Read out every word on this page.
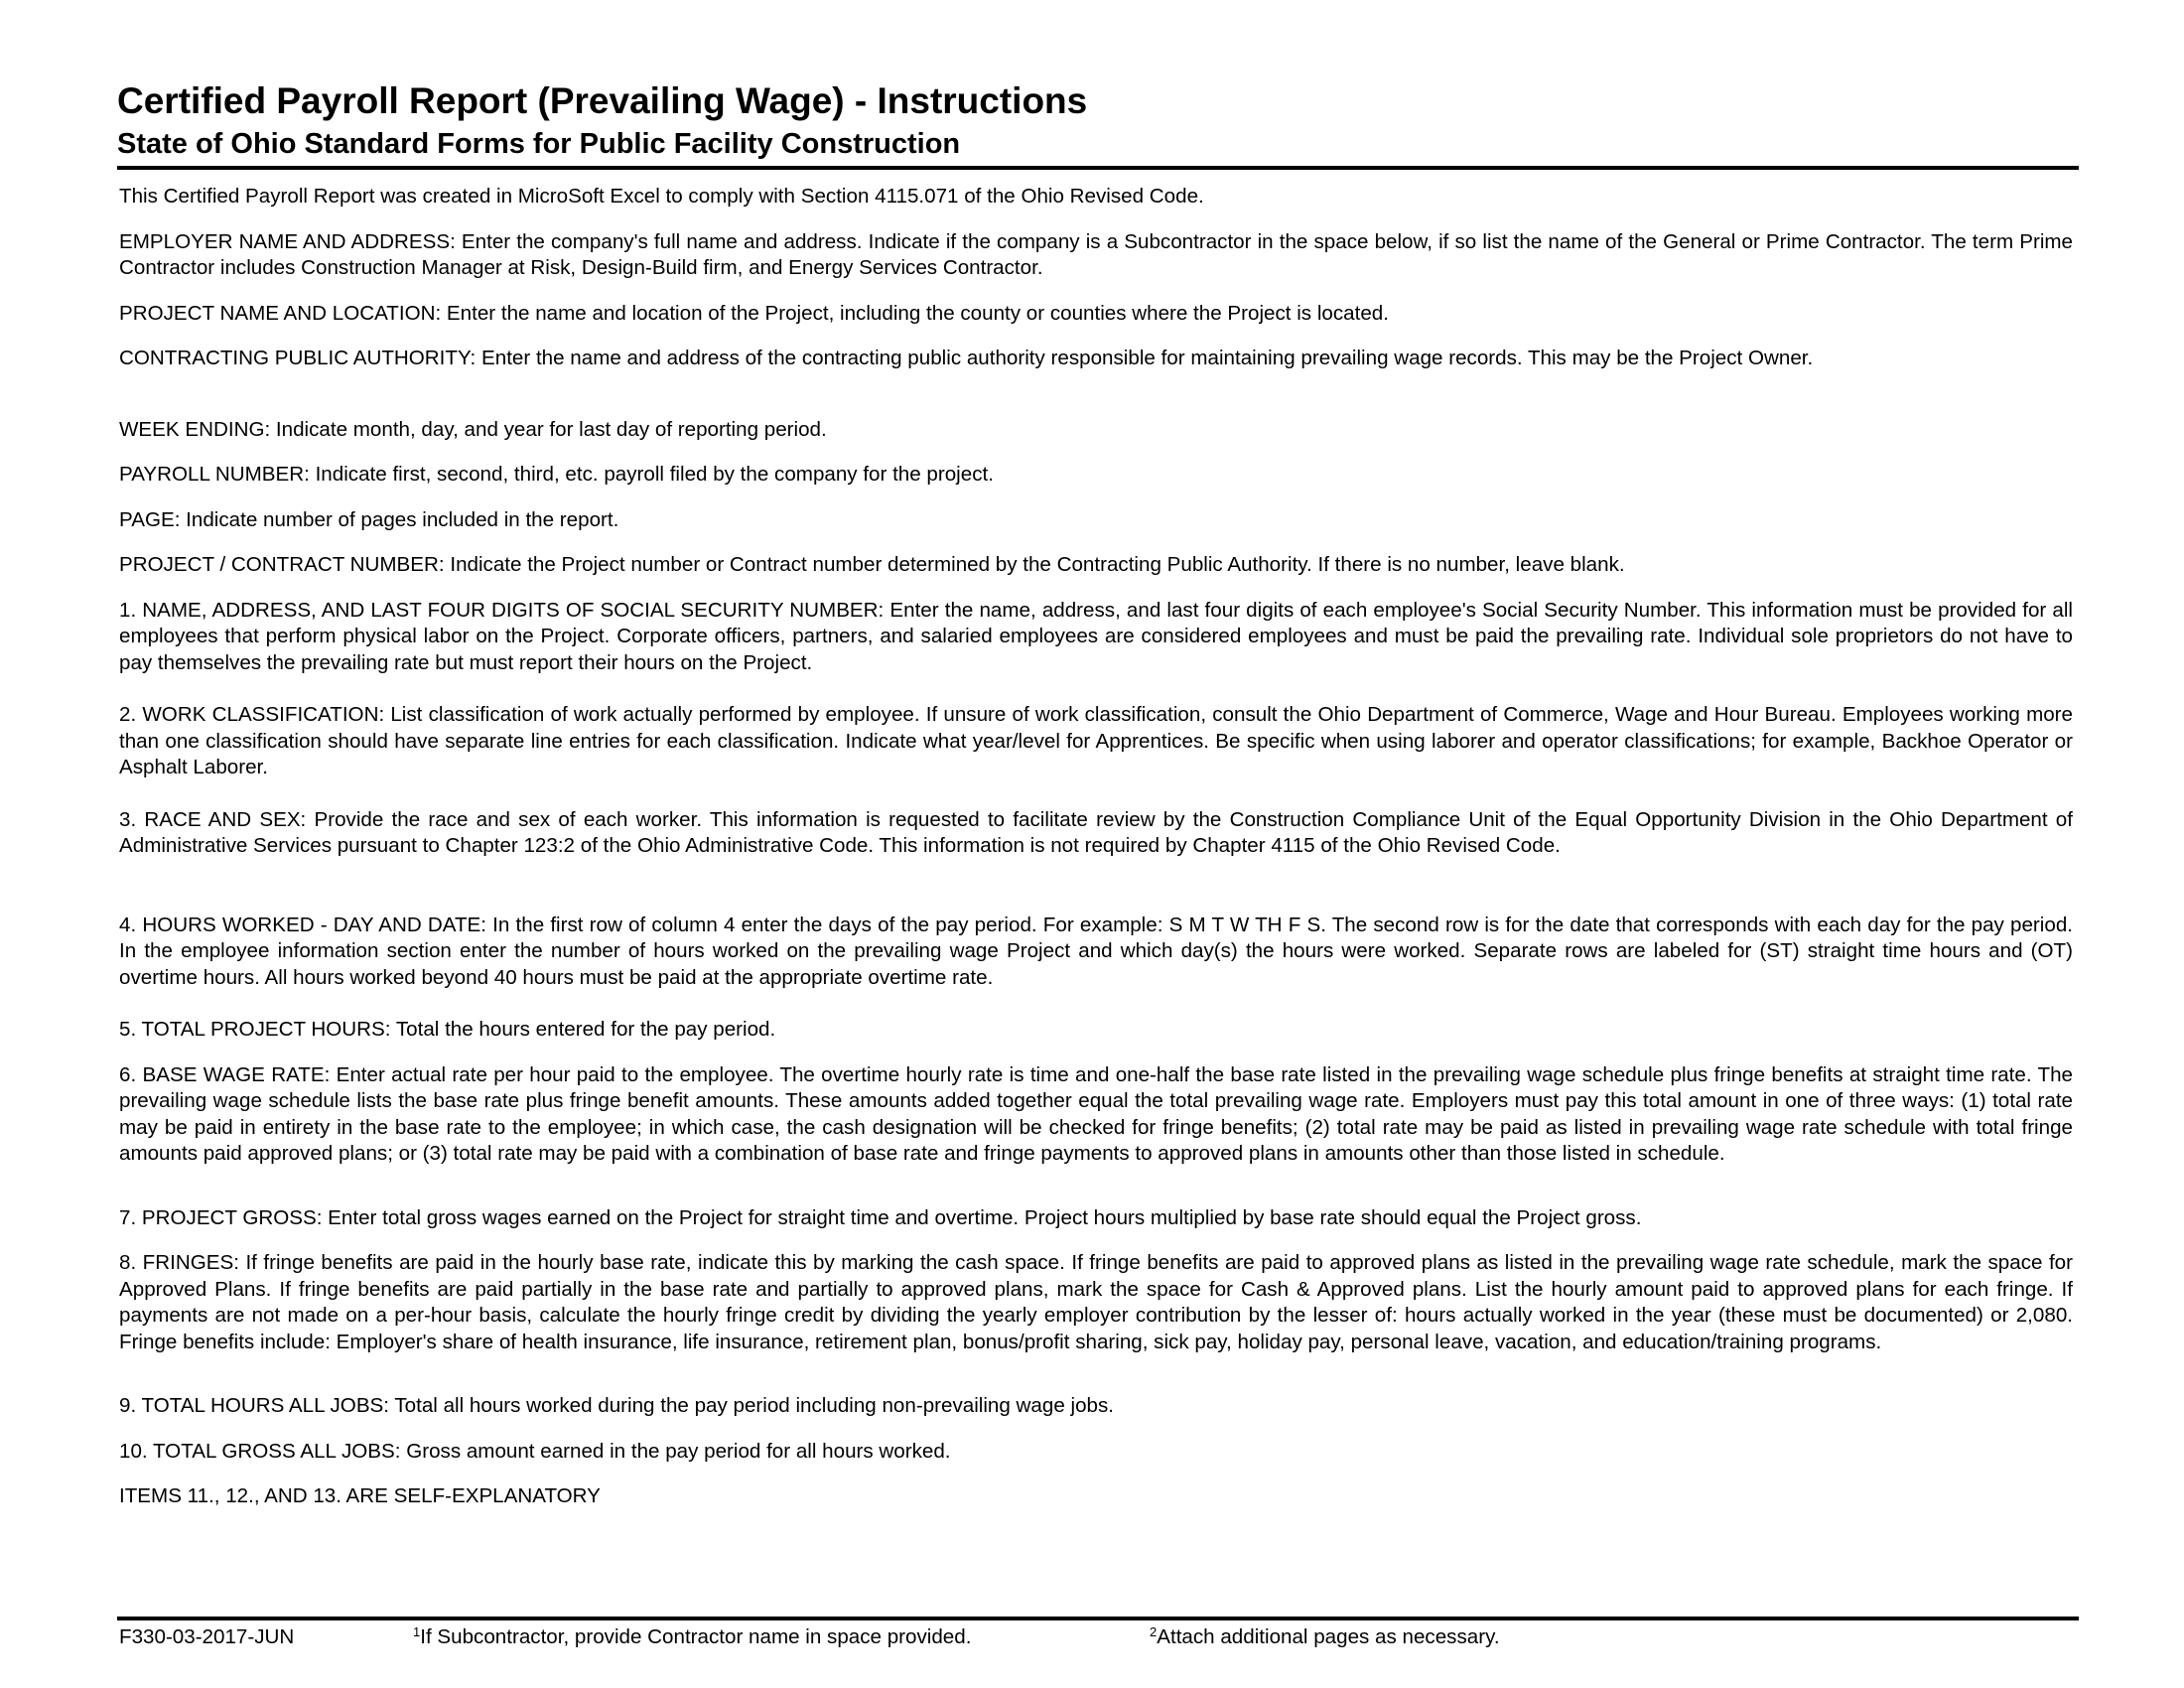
Certified Payroll Report (Prevailing Wage) - Instructions
State of Ohio Standard Forms for Public Facility Construction

This Certified Payroll Report was created in MicroSoft Excel to comply with Section 4115.071 of the Ohio Revised Code.

EMPLOYER NAME AND ADDRESS: Enter the company's full name and address. Indicate if the company is a Subcontractor in the space below, if so list the name of the General or Prime Contractor. The term Prime Contractor includes Construction Manager at Risk, Design-Build firm, and Energy Services Contractor.

PROJECT NAME AND LOCATION: Enter the name and location of the Project, including the county or counties where the Project is located.

CONTRACTING PUBLIC AUTHORITY: Enter the name and address of the contracting public authority responsible for maintaining prevailing wage records. This may be the Project Owner.

WEEK ENDING: Indicate month, day, and year for last day of reporting period.

PAYROLL NUMBER: Indicate first, second, third, etc. payroll filed by the company for the project.

PAGE: Indicate number of pages included in the report.

PROJECT / CONTRACT NUMBER: Indicate the Project number or Contract number determined by the Contracting Public Authority. If there is no number, leave blank.

1. NAME, ADDRESS, AND LAST FOUR DIGITS OF SOCIAL SECURITY NUMBER: Enter the name, address, and last four digits of each employee's Social Security Number. This information must be provided for all employees that perform physical labor on the Project. Corporate officers, partners, and salaried employees are considered employees and must be paid the prevailing rate. Individual sole proprietors do not have to pay themselves the prevailing rate but must report their hours on the Project.

2. WORK CLASSIFICATION: List classification of work actually performed by employee. If unsure of work classification, consult the Ohio Department of Commerce, Wage and Hour Bureau. Employees working more than one classification should have separate line entries for each classification. Indicate what year/level for Apprentices. Be specific when using laborer and operator classifications; for example, Backhoe Operator or Asphalt Laborer.

3. RACE AND SEX: Provide the race and sex of each worker. This information is requested to facilitate review by the Construction Compliance Unit of the Equal Opportunity Division in the Ohio Department of Administrative Services pursuant to Chapter 123:2 of the Ohio Administrative Code. This information is not required by Chapter 4115 of the Ohio Revised Code.

4. HOURS WORKED - DAY AND DATE: In the first row of column 4 enter the days of the pay period. For example: S M T W TH F S. The second row is for the date that corresponds with each day for the pay period. In the employee information section enter the number of hours worked on the prevailing wage Project and which day(s) the hours were worked. Separate rows are labeled for (ST) straight time hours and (OT) overtime hours. All hours worked beyond 40 hours must be paid at the appropriate overtime rate.

5. TOTAL PROJECT HOURS: Total the hours entered for the pay period.

6. BASE WAGE RATE: Enter actual rate per hour paid to the employee. The overtime hourly rate is time and one-half the base rate listed in the prevailing wage schedule plus fringe benefits at straight time rate. The prevailing wage schedule lists the base rate plus fringe benefit amounts. These amounts added together equal the total prevailing wage rate. Employers must pay this total amount in one of three ways: (1) total rate may be paid in entirety in the base rate to the employee; in which case, the cash designation will be checked for fringe benefits; (2) total rate may be paid as listed in prevailing wage rate schedule with total fringe amounts paid approved plans; or (3) total rate may be paid with a combination of base rate and fringe payments to approved plans in amounts other than those listed in schedule.

7. PROJECT GROSS: Enter total gross wages earned on the Project for straight time and overtime. Project hours multiplied by base rate should equal the Project gross.

8. FRINGES: If fringe benefits are paid in the hourly base rate, indicate this by marking the cash space. If fringe benefits are paid to approved plans as listed in the prevailing wage rate schedule, mark the space for Approved Plans. If fringe benefits are paid partially in the base rate and partially to approved plans, mark the space for Cash & Approved plans. List the hourly amount paid to approved plans for each fringe. If payments are not made on a per-hour basis, calculate the hourly fringe credit by dividing the yearly employer contribution by the lesser of: hours actually worked in the year (these must be documented) or 2,080. Fringe benefits include: Employer's share of health insurance, life insurance, retirement plan, bonus/profit sharing, sick pay, holiday pay, personal leave, vacation, and education/training programs.

9. TOTAL HOURS ALL JOBS: Total all hours worked during the pay period including non-prevailing wage jobs.

10. TOTAL GROSS ALL JOBS: Gross amount earned in the pay period for all hours worked.

ITEMS 11., 12., AND 13. ARE SELF-EXPLANATORY

F330-03-2017-JUN	$^1$If Subcontractor, provide Contractor name in space provided.	$^2$Attach additional pages as necessary.
